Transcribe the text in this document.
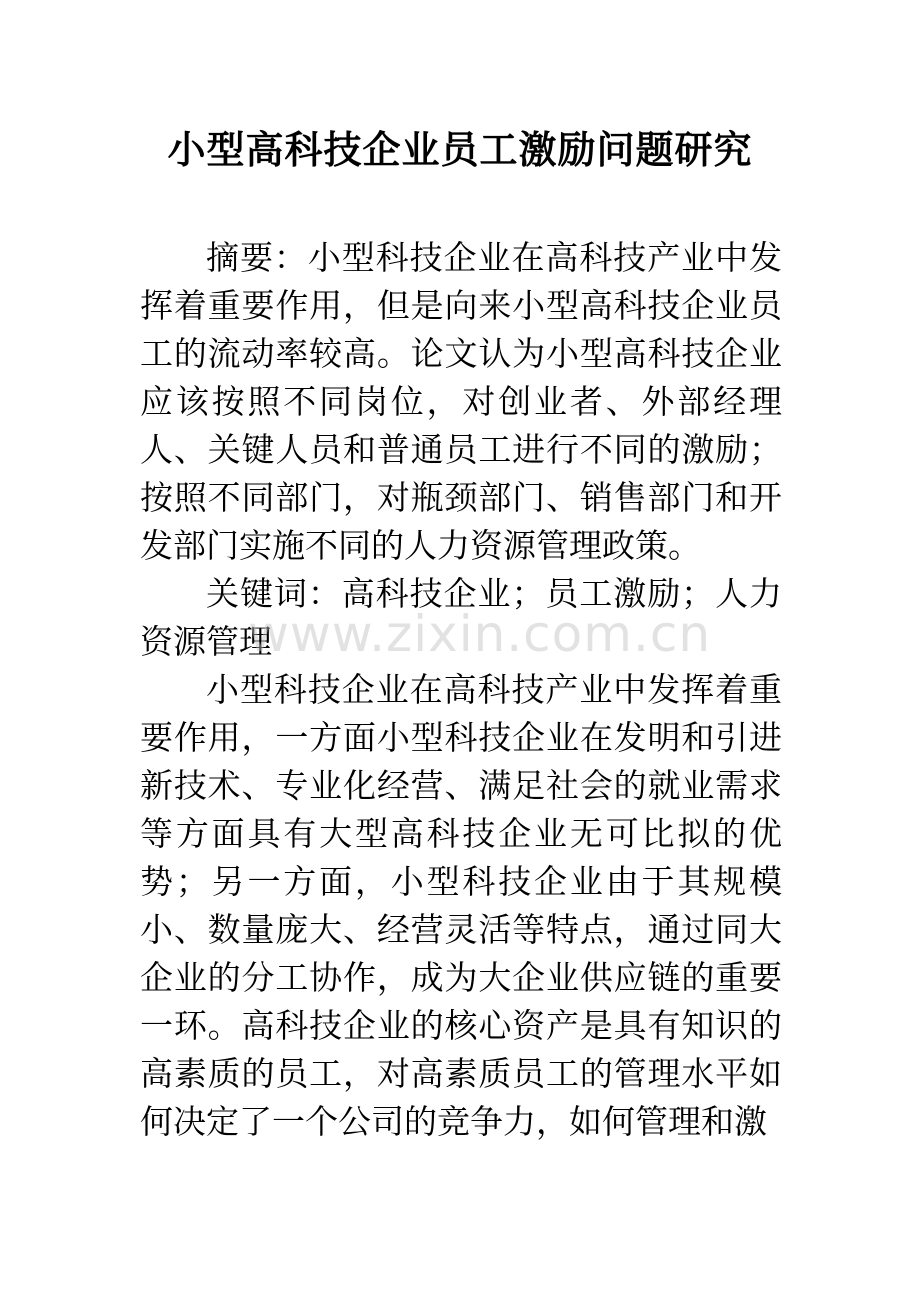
小型高科技企业员工激励问题研究

摘要：小型科技企业在高科技产业中发挥着重要作用，但是向来小型高科技企业员工的流动率较高。论文认为小型高科技企业应该按照不同岗位，对创业者、外部经理人、关键人员和普通员工进行不同的激励；按照不同部门，对瓶颈部门、销售部门和开发部门实施不同的人力资源管理政策。

关键词：高科技企业；员工激励；人力资源管理

小型科技企业在高科技产业中发挥着重要作用，一方面小型科技企业在发明和引进新技术、专业化经营、满足社会的就业需求等方面具有大型高科技企业无可比拟的优势；另一方面，小型科技企业由于其规模小、数量庞大、经营灵活等特点，通过同大企业的分工协作，成为大企业供应链的重要一环。高科技企业的核心资产是具有知识的高素质的员工，对高素质员工的管理水平如何决定了一个公司的竞争力，如何管理和激

www.zixin.com.cn
